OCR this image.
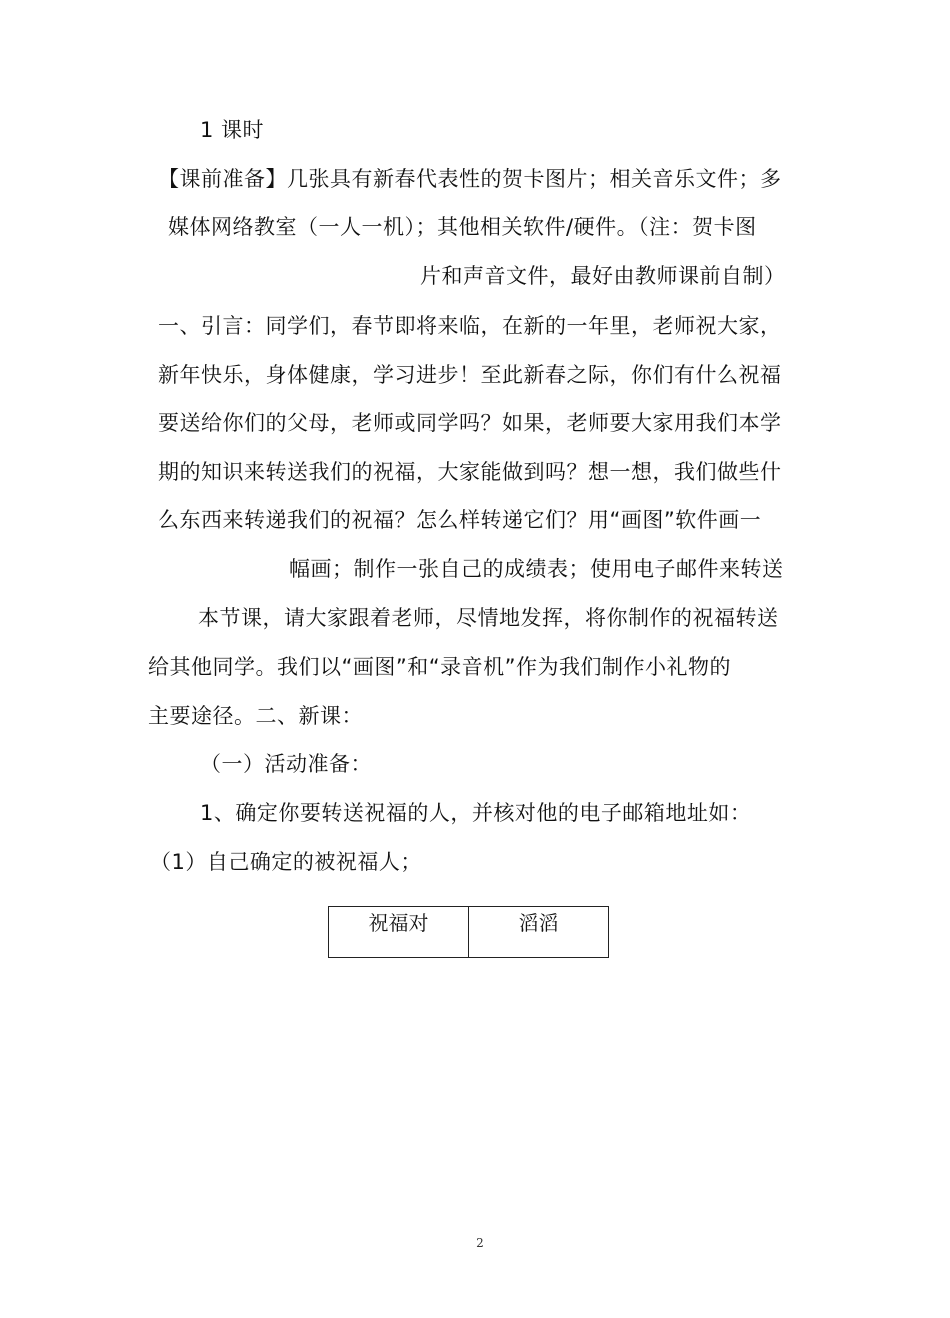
1 课时
【课前准备】几张具有新春代表性的贺卡图片；相关音乐文件；多
媒体网络教室（一人一机）；其他相关软件/硬件。（注：贺卡图
片和声音文件，最好由教师课前自制）
一、引言：同学们，春节即将来临，在新的一年里，老师祝大家，
新年快乐，身体健康，学习进步！至此新春之际，你们有什么祝福
要送给你们的父母，老师或同学吗？如果，老师要大家用我们本学
期的知识来转送我们的祝福，大家能做到吗？想一想，我们做些什
么东西来转递我们的祝福？怎么样转递它们？用“画图”软件画一
幅画；制作一张自己的成绩表；使用电子邮件来转送
本节课，请大家跟着老师，尽情地发挥，将你制作的祝福转送
给其他同学。我们以“画图”和“录音机”作为我们制作小礼物的
主要途径。二、新课：
（一）活动准备：
1、确定你要转送祝福的人，并核对他的电子邮箱地址如：
（1）自己确定的被祝福人；
祝福对	滔滔
2
